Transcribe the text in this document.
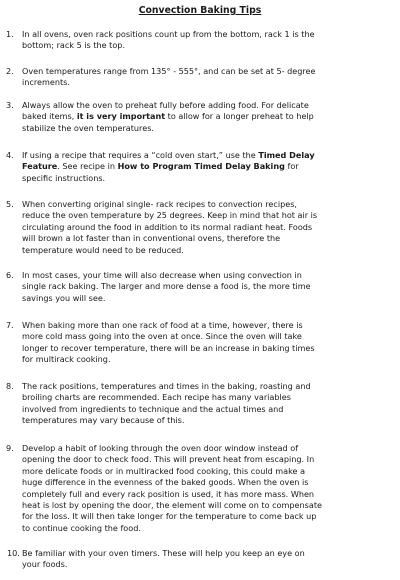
Convection Baking Tips
1.	In all ovens, oven rack positions count up from the bottom, rack 1 is the
bottom; rack 5 is the top.
2.	Oven temperatures range from 135° - 555°, and can be set at 5- degree
increments.
3.	Always allow the oven to preheat fully before adding food. For delicate
baked items, it is very important to allow for a longer preheat to help
stabilize the oven temperatures.
4.	If using a recipe that requires a “cold oven start,” use the Timed Delay
Feature. See recipe in How to Program Timed Delay Baking for
specific instructions.
5.	When converting original single- rack recipes to convection recipes,
reduce the oven temperature by 25 degrees. Keep in mind that hot air is
circulating around the food in addition to its normal radiant heat. Foods
will brown a lot faster than in conventional ovens, therefore the
temperature would need to be reduced.
6.	In most cases, your time will also decrease when using convection in
single rack baking. The larger and more dense a food is, the more time
savings you will see.
7.	When baking more than one rack of food at a time, however, there is
more cold mass going into the oven at once. Since the oven will take
longer to recover temperature, there will be an increase in baking times
for multirack cooking.
8.	The rack positions, temperatures and times in the baking, roasting and
broiling charts are recommended. Each recipe has many variables
involved from ingredients to technique and the actual times and
temperatures may vary because of this.
9.	Develop a habit of looking through the oven door window instead of
opening the door to check food. This will prevent heat from escaping. In
more delicate foods or in multiracked food cooking, this could make a
huge difference in the evenness of the baked goods. When the oven is
completely full and every rack position is used, it has more mass. When
heat is lost by opening the door, the element will come on to compensate
for the loss. It will then take longer for the temperature to come back up
to continue cooking the food.
10. Be familiar with your oven timers. These will help you keep an eye on
your foods.
